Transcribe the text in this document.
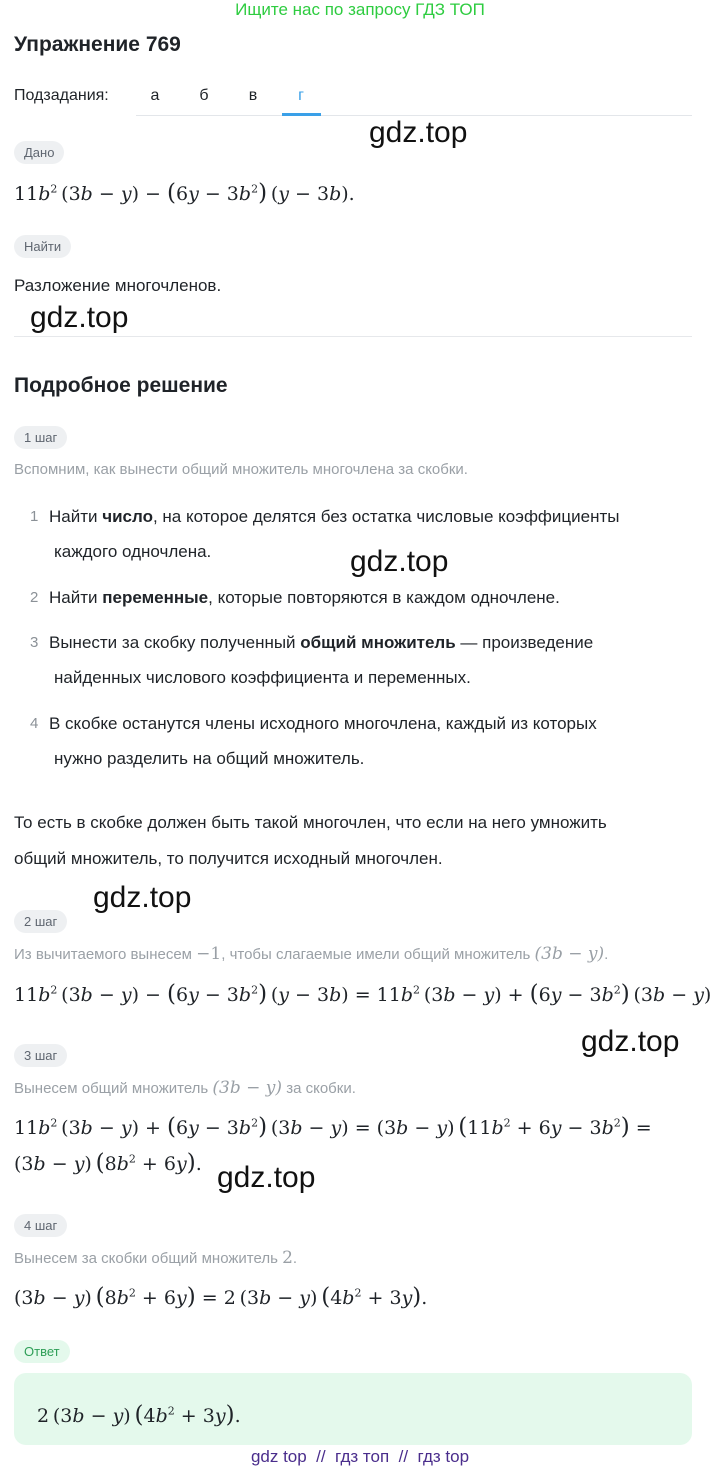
Ищите нас по запросу ГДЗ ТОП
Упражнение 769
Подзадания:	а	б	в	г
Дано
$11b^2$ $(3b - y) - (6y - 3b^2)$ (y − 3b).
Найти
Разложение многочленов.
Подробное решение
1 шаг
Вспомним, как вынести общий множитель многочлена за скобки.
1 Найти число, на которое делятся без остатка числовые коэффициенты
каждого одночлена.
2 Найти переменные, которые повторяются в каждом одночлене.
3 Вынести за скобку полученный общий множитель — произведение
найденных числового коэффициента и переменных.
4 В скобке останутся члены исходного многочлена, каждый из которых
нужно разделить на общий множитель.
То есть в скобке должен быть такой многочлен, что если на него умножить
общий множитель, то получится исходный многочлен.
2 шаг
Из вычитаемого вынесем −1, чтобы слагаемые имели общий множитель (3b − y).
$11b^2$ $(3b - y) - (6y - 3b^2)$ $(y - 3b) = 11b^2$ $(3b - y) + (6y - 3b^2)$ (3b − y)
3 шаг
Вынесем общий множитель (3b − y) за скобки.
$11b^2$ $(3b - y) + (6y - 3b^2)$ (3b − y) = (3b − y) $(11b^2 + 6y - 3b^2)$ =
(3b − y) $(8b^2 + 6y)$.
4 шаг
Вынесем за скобки общий множитель 2.
(3b − y) $(8b^2 + 6y) = 2$ (3b − y) $(4b^2 + 3y)$.
Ответ
2 (3b − y) $(4b^2 + 3y)$.
gdz.top
gdz.top
gdz.top
gdz.top
gdz.top
gdz.top
gdz top  //  гдз топ  //  гдз top
